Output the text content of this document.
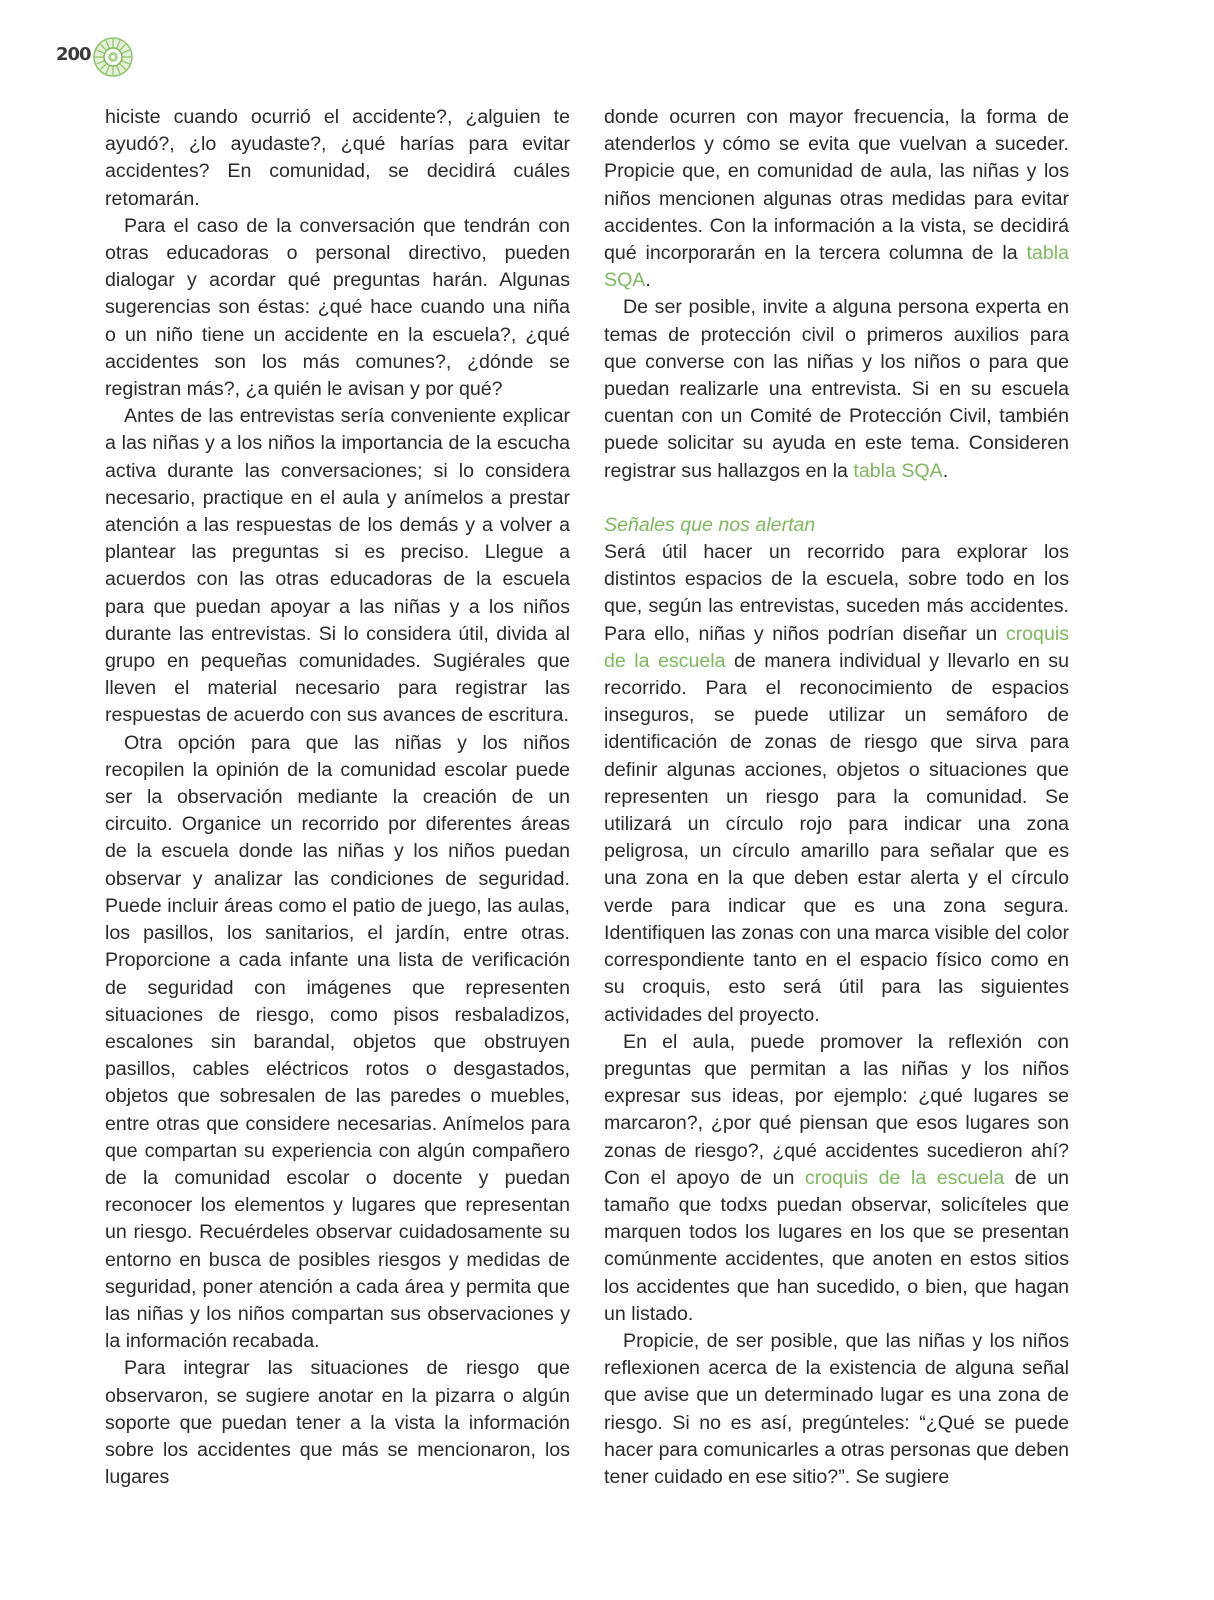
200

hiciste cuando ocurrió el accidente?, ¿alguien te ayudó?, ¿lo ayudaste?, ¿qué harías para evitar accidentes? En comunidad, se decidirá cuáles retomarán.

Para el caso de la conversación que tendrán con otras educadoras o personal directivo, pueden dialogar y acordar qué preguntas harán. Algunas sugerencias son éstas: ¿qué hace cuando una niña o un niño tiene un accidente en la escuela?, ¿qué accidentes son los más comunes?, ¿dónde se registran más?, ¿a quién le avisan y por qué?

Antes de las entrevistas sería conveniente explicar a las niñas y a los niños la importancia de la escucha activa durante las conversaciones; si lo considera necesario, practique en el aula y anímelos a prestar atención a las respuestas de los demás y a volver a plantear las preguntas si es preciso. Llegue a acuerdos con las otras educadoras de la escuela para que puedan apoyar a las niñas y a los niños durante las entrevistas. Si lo considera útil, divida al grupo en pequeñas comunidades. Sugiérales que lleven el material necesario para registrar las respuestas de acuerdo con sus avances de escritura.

Otra opción para que las niñas y los niños recopilen la opinión de la comunidad escolar puede ser la observación mediante la creación de un circuito. Organice un recorrido por diferentes áreas de la escuela donde las niñas y los niños puedan observar y analizar las condiciones de seguridad. Puede incluir áreas como el patio de juego, las aulas, los pasillos, los sanitarios, el jardín, entre otras. Proporcione a cada infante una lista de verificación de seguridad con imágenes que representen situaciones de riesgo, como pisos resbaladizos, escalones sin barandal, objetos que obstruyen pasillos, cables eléctricos rotos o desgastados, objetos que sobresalen de las paredes o muebles, entre otras que considere necesarias. Anímelos para que compartan su experiencia con algún compañero de la comunidad escolar o docente y puedan reconocer los elementos y lugares que representan un riesgo. Recuérdeles observar cuidadosamente su entorno en busca de posibles riesgos y medidas de seguridad, poner atención a cada área y permita que las niñas y los niños compartan sus observaciones y la información recabada.

Para integrar las situaciones de riesgo que observaron, se sugiere anotar en la pizarra o algún soporte que puedan tener a la vista la información sobre los accidentes que más se mencionaron, los lugares

donde ocurren con mayor frecuencia, la forma de atenderlos y cómo se evita que vuelvan a suceder. Propicie que, en comunidad de aula, las niñas y los niños mencionen algunas otras medidas para evitar accidentes. Con la información a la vista, se decidirá qué incorporarán en la tercera columna de la tabla SQA.

De ser posible, invite a alguna persona experta en temas de protección civil o primeros auxilios para que converse con las niñas y los niños o para que puedan realizarle una entrevista. Si en su escuela cuentan con un Comité de Protección Civil, también puede solicitar su ayuda en este tema. Consideren registrar sus hallazgos en la tabla SQA.

Señales que nos alertan

Será útil hacer un recorrido para explorar los distintos espacios de la escuela, sobre todo en los que, según las entrevistas, suceden más accidentes. Para ello, niñas y niños podrían diseñar un croquis de la escuela de manera individual y llevarlo en su recorrido. Para el reconocimiento de espacios inseguros, se puede utilizar un semáforo de identificación de zonas de riesgo que sirva para definir algunas acciones, objetos o situaciones que representen un riesgo para la comunidad. Se utilizará un círculo rojo para indicar una zona peligrosa, un círculo amarillo para señalar que es una zona en la que deben estar alerta y el círculo verde para indicar que es una zona segura. Identifiquen las zonas con una marca visible del color correspondiente tanto en el espacio físico como en su croquis, esto será útil para las siguientes actividades del proyecto.

En el aula, puede promover la reflexión con preguntas que permitan a las niñas y los niños expresar sus ideas, por ejemplo: ¿qué lugares se marcaron?, ¿por qué piensan que esos lugares son zonas de riesgo?, ¿qué accidentes sucedieron ahí? Con el apoyo de un croquis de la escuela de un tamaño que todxs puedan observar, solicíteles que marquen todos los lugares en los que se presentan comúnmente accidentes, que anoten en estos sitios los accidentes que han sucedido, o bien, que hagan un listado.

Propicie, de ser posible, que las niñas y los niños reflexionen acerca de la existencia de alguna señal que avise que un determinado lugar es una zona de riesgo. Si no es así, pregúnteles: “¿Qué se puede hacer para comunicarles a otras personas que deben tener cuidado en ese sitio?”. Se sugiere
